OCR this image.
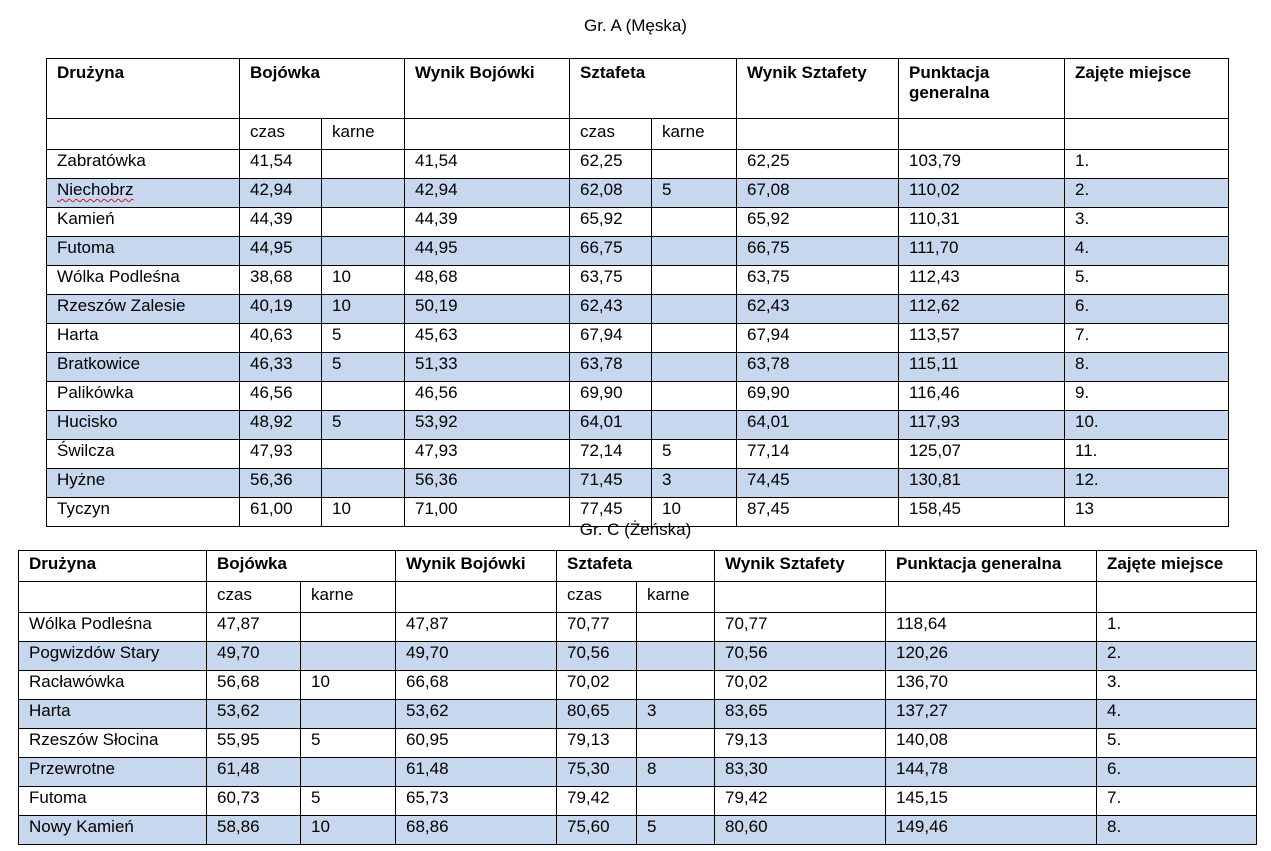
Gr. A (Męska)
Drużyna	Bojówka		Wynik Bojówki	Sztafeta		Wynik Sztafety	Punktacja generalna	Zajęte miejsce
	czas	karne		czas	karne			
Zabratówka	41,54		41,54	62,25		62,25	103,79	1.
Niechobrz	42,94		42,94	62,08	5	67,08	110,02	2.
Kamień	44,39		44,39	65,92		65,92	110,31	3.
Futoma	44,95		44,95	66,75		66,75	111,70	4.
Wólka Podleśna	38,68	10	48,68	63,75		63,75	112,43	5.
Rzeszów Zalesie	40,19	10	50,19	62,43		62,43	112,62	6.
Harta	40,63	5	45,63	67,94		67,94	113,57	7.
Bratkowice	46,33	5	51,33	63,78		63,78	115,11	8.
Palikówka	46,56		46,56	69,90		69,90	116,46	9.
Hucisko	48,92	5	53,92	64,01		64,01	117,93	10.
Świlcza	47,93		47,93	72,14	5	77,14	125,07	11.
Hyżne	56,36		56,36	71,45	3	74,45	130,81	12.
Tyczyn	61,00	10	71,00	77,45	10	87,45	158,45	13
Gr. C (Żeńska)
Drużyna	Bojówka		Wynik Bojówki	Sztafeta		Wynik Sztafety	Punktacja generalna	Zajęte miejsce
	czas	karne		czas	karne			
Wólka Podleśna	47,87		47,87	70,77		70,77	118,64	1.
Pogwizdów Stary	49,70		49,70	70,56		70,56	120,26	2.
Racławówka	56,68	10	66,68	70,02		70,02	136,70	3.
Harta	53,62		53,62	80,65	3	83,65	137,27	4.
Rzeszów Słocina	55,95	5	60,95	79,13		79,13	140,08	5.
Przewrotne	61,48		61,48	75,30	8	83,30	144,78	6.
Futoma	60,73	5	65,73	79,42		79,42	145,15	7.
Nowy Kamień	58,86	10	68,86	75,60	5	80,60	149,46	8.
